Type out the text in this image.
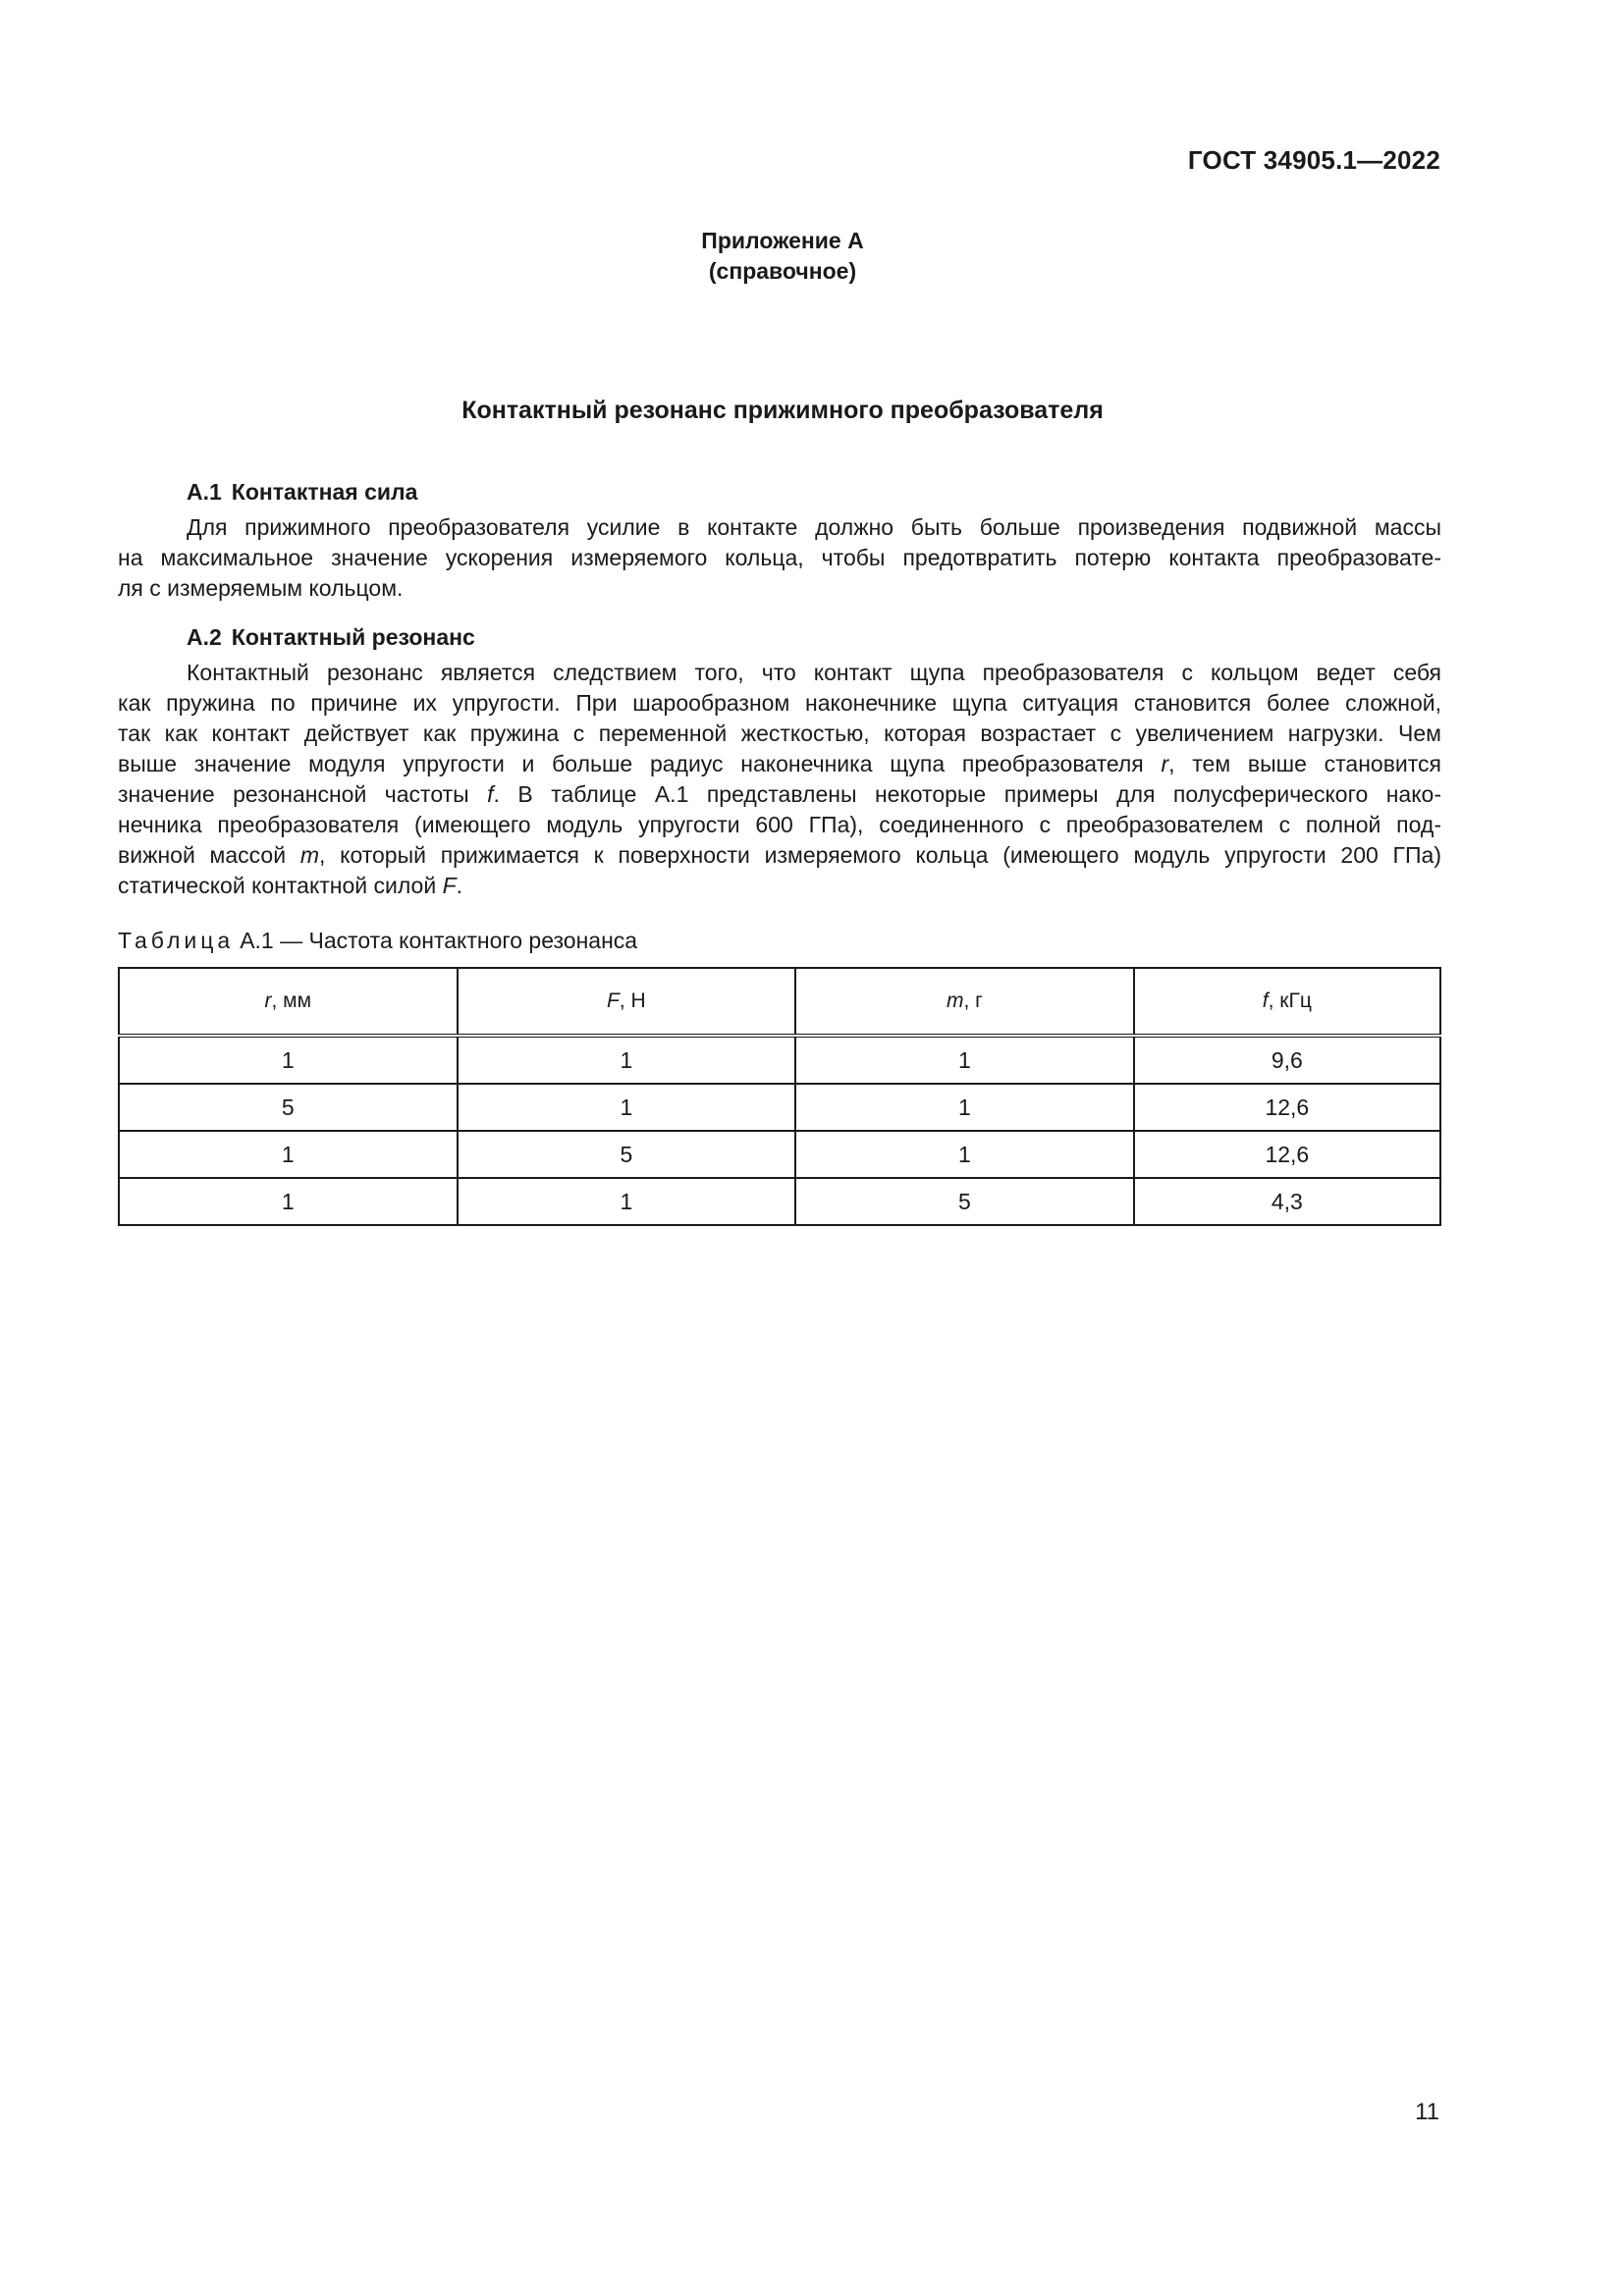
ГОСТ 34905.1—2022
Приложение А
(справочное)
Контактный резонанс прижимного преобразователя
А.1 Контактная сила
Для прижимного преобразователя усилие в контакте должно быть больше произведения подвижной массы
на максимальное значение ускорения измеряемого кольца, чтобы предотвратить потерю контакта преобразовате-
ля с измеряемым кольцом.
А.2 Контактный резонанс
Контактный резонанс является следствием того, что контакт щупа преобразователя с кольцом ведет себя
как пружина по причине их упругости. При шарообразном наконечнике щупа ситуация становится более сложной,
так как контакт действует как пружина с переменной жесткостью, которая возрастает с увеличением нагрузки. Чем
выше значение модуля упругости и больше радиус наконечника щупа преобразователя r, тем выше становится
значение резонансной частоты f. В таблице А.1 представлены некоторые примеры для полусферического нако-
нечника преобразователя (имеющего модуль упругости 600 ГПа), соединенного с преобразователем с полной под-
вижной массой m, который прижимается к поверхности измеряемого кольца (имеющего модуль упругости 200 ГПа)
статической контактной силой F.
Таблица А.1 — Частота контактного резонанса
r, мм	F, Н	m, г	f, кГц
1	1	1	9,6
5	1	1	12,6
1	5	1	12,6
1	1	5	4,3
11
